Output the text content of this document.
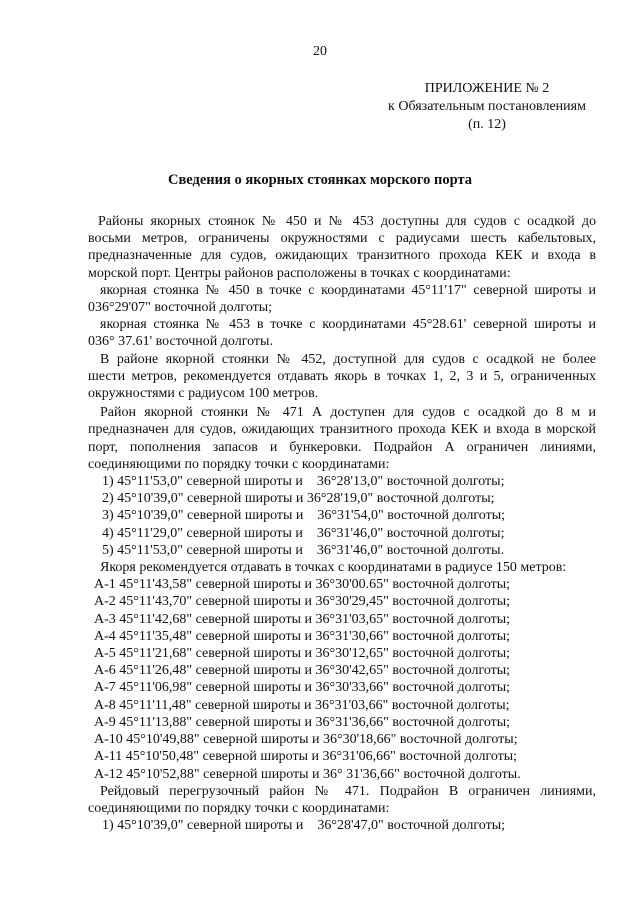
20
ПРИЛОЖЕНИЕ № 2
к Обязательным постановлениям
(п. 12)
Сведения о якорных стоянках морского порта
Районы якорных стоянок № 450 и № 453 доступны для судов с осадкой до
восьми метров, ограничены окружностями с радиусами шесть кабельтовых,
предназначенные для судов, ожидающих транзитного прохода КЕК и входа в
морской порт. Центры районов расположены в точках с координатами:
якорная стоянка № 450 в точке с координатами 45°11'17" северной широты и
036°29'07" восточной долготы;
якорная стоянка № 453 в точке с координатами 45°28.61' северной широты и
036° 37.61' восточной долготы.
В районе якорной стоянки № 452, доступной для судов с осадкой не более
шести метров, рекомендуется отдавать якорь в точках 1, 2, 3 и 5, ограниченных
окружностями с радиусом 100 метров.
Район якорной стоянки № 471 А доступен для судов с осадкой до 8 м и
предназначен для судов, ожидающих транзитного прохода КЕК и входа в морской
порт, пополнения запасов и бункеровки. Подрайон А ограничен линиями,
соединяющими по порядку точки с координатами:
1) 45°11'53,0" северной широты и    36°28'13,0" восточной долготы;
2) 45°10'39,0" северной широты и 36°28'19,0" восточной долготы;
3) 45°10'39,0" северной широты и    36°31'54,0" восточной долготы;
4) 45°11'29,0" северной широты и    36°31'46,0" восточной долготы;
5) 45°11'53,0" северной широты и    36°31'46,0" восточной долготы.
Якоря рекомендуется отдавать в точках с координатами в радиусе 150 метров:
А-1 45°11'43,58" северной широты и 36°30'00.65" восточной долготы;
А-2 45°11'43,70" северной широты и 36°30'29,45" восточной долготы;
А-3 45°11'42,68" северной широты и 36°31'03,65" восточной долготы;
А-4 45°11'35,48" северной широты и 36°31'30,66" восточной долготы;
А-5 45°11'21,68" северной широты и 36°30'12,65" восточной долготы;
А-6 45°11'26,48" северной широты и 36°30'42,65" восточной долготы;
А-7 45°11'06,98" северной широты и 36°30'33,66" восточной долготы;
А-8 45°11'11,48" северной широты и 36°31'03,66" восточной долготы;
А-9 45°11'13,88" северной широты и 36°31'36,66" восточной долготы;
А-10 45°10'49,88" северной широты и 36°30'18,66" восточной долготы;
А-11 45°10'50,48" северной широты и 36°31'06,66" восточной долготы;
А-12 45°10'52,88" северной широты и 36° 31'36,66" восточной долготы.
Рейдовый перегрузочный район № 471. Подрайон В ограничен линиями,
соединяющими по порядку точки с координатами:
1) 45°10'39,0" северной широты и    36°28'47,0" восточной долготы;
